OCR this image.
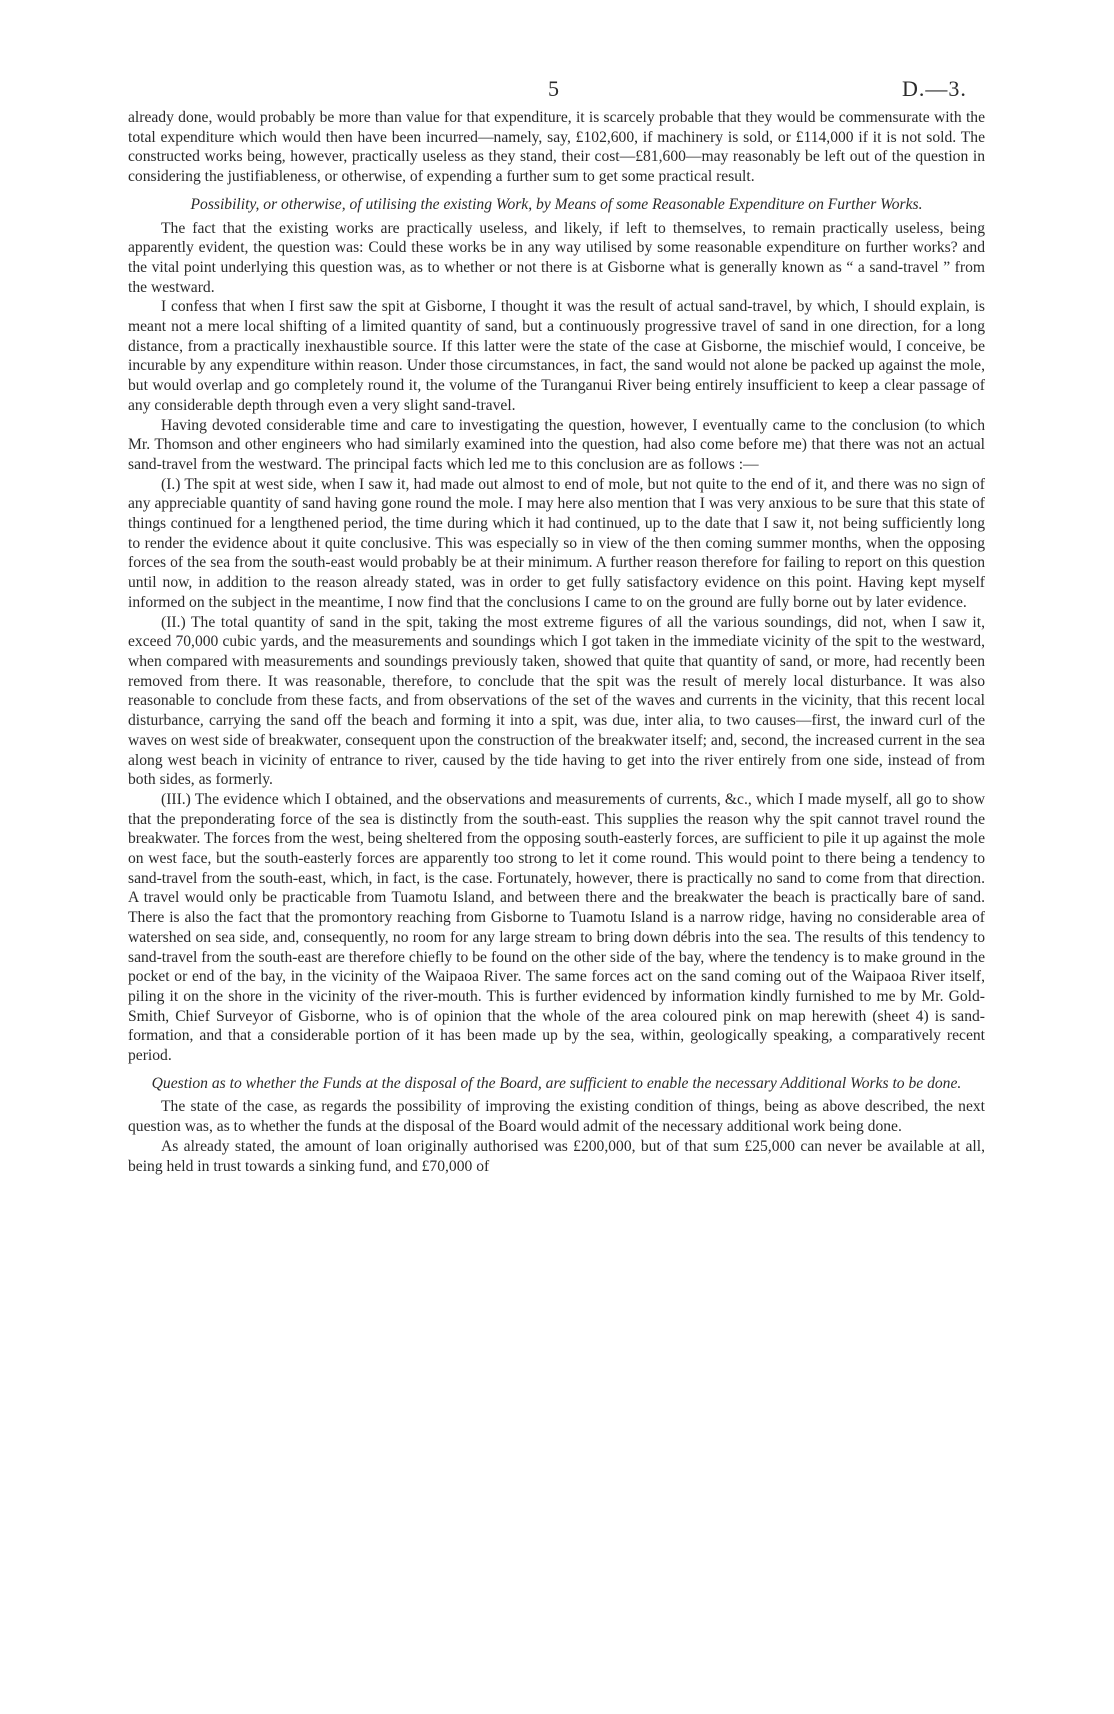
5	D.—3.

already done, would probably be more than value for that expenditure, it is scarcely probable that they would be commensurate with the total expenditure which would then have been incurred—namely, say, £102,600, if machinery is sold, or £114,000 if it is not sold. The constructed works being, however, practically useless as they stand, their cost—£81,600—may reasonably be left out of the question in considering the justifiableness, or otherwise, of expending a further sum to get some practical result.

Possibility, or otherwise, of utilising the existing Work, by Means of some Reasonable Expenditure on Further Works.

The fact that the existing works are practically useless, and likely, if left to themselves, to remain practically useless, being apparently evident, the question was: Could these works be in any way utilised by some reasonable expenditure on further works? and the vital point underlying this question was, as to whether or not there is at Gisborne what is generally known as “ a sand-travel ” from the westward.

I confess that when I first saw the spit at Gisborne, I thought it was the result of actual sand-travel, by which, I should explain, is meant not a mere local shifting of a limited quantity of sand, but a continuously progressive travel of sand in one direction, for a long distance, from a practically inexhaustible source. If this latter were the state of the case at Gisborne, the mischief would, I conceive, be incurable by any expenditure within reason. Under those circumstances, in fact, the sand would not alone be packed up against the mole, but would overlap and go completely round it, the volume of the Turanganui River being entirely insufficient to keep a clear passage of any considerable depth through even a very slight sand-travel.

Having devoted considerable time and care to investigating the question, however, I eventually came to the conclusion (to which Mr. Thomson and other engineers who had similarly examined into the question, had also come before me) that there was not an actual sand-travel from the westward. The principal facts which led me to this conclusion are as follows :—

(I.) The spit at west side, when I saw it, had made out almost to end of mole, but not quite to the end of it, and there was no sign of any appreciable quantity of sand having gone round the mole. I may here also mention that I was very anxious to be sure that this state of things continued for a lengthened period, the time during which it had continued, up to the date that I saw it, not being sufficiently long to render the evidence about it quite conclusive. This was especially so in view of the then coming summer months, when the opposing forces of the sea from the south-east would probably be at their minimum. A further reason therefore for failing to report on this question until now, in addition to the reason already stated, was in order to get fully satisfactory evidence on this point. Having kept myself informed on the subject in the meantime, I now find that the conclusions I came to on the ground are fully borne out by later evidence.

(II.) The total quantity of sand in the spit, taking the most extreme figures of all the various soundings, did not, when I saw it, exceed 70,000 cubic yards, and the measurements and soundings which I got taken in the immediate vicinity of the spit to the westward, when compared with measurements and soundings previously taken, showed that quite that quantity of sand, or more, had recently been removed from there. It was reasonable, therefore, to conclude that the spit was the result of merely local disturbance. It was also reasonable to conclude from these facts, and from observations of the set of the waves and currents in the vicinity, that this recent local disturbance, carrying the sand off the beach and forming it into a spit, was due, inter alia, to two causes—first, the inward curl of the waves on west side of breakwater, consequent upon the construction of the breakwater itself; and, second, the increased current in the sea along west beach in vicinity of entrance to river, caused by the tide having to get into the river entirely from one side, instead of from both sides, as formerly.

(III.) The evidence which I obtained, and the observations and measurements of currents, &c., which I made myself, all go to show that the preponderating force of the sea is distinctly from the south-east. This supplies the reason why the spit cannot travel round the breakwater. The forces from the west, being sheltered from the opposing south-easterly forces, are sufficient to pile it up against the mole on west face, but the south-easterly forces are apparently too strong to let it come round. This would point to there being a tendency to sand-travel from the south-east, which, in fact, is the case. Fortunately, however, there is practically no sand to come from that direction. A travel would only be practicable from Tuamotu Island, and between there and the breakwater the beach is practically bare of sand. There is also the fact that the promontory reaching from Gisborne to Tuamotu Island is a narrow ridge, having no considerable area of watershed on sea side, and, consequently, no room for any large stream to bring down débris into the sea. The results of this tendency to sand-travel from the south-east are therefore chiefly to be found on the other side of the bay, where the tendency is to make ground in the pocket or end of the bay, in the vicinity of the Waipaoa River. The same forces act on the sand coming out of the Waipaoa River itself, piling it on the shore in the vicinity of the river-mouth. This is further evidenced by information kindly furnished to me by Mr. Gold-Smith, Chief Surveyor of Gisborne, who is of opinion that the whole of the area coloured pink on map herewith (sheet 4) is sand-formation, and that a considerable portion of it has been made up by the sea, within, geologically speaking, a comparatively recent period.

Question as to whether the Funds at the disposal of the Board, are sufficient to enable the necessary Additional Works to be done.

The state of the case, as regards the possibility of improving the existing condition of things, being as above described, the next question was, as to whether the funds at the disposal of the Board would admit of the necessary additional work being done.

As already stated, the amount of loan originally authorised was £200,000, but of that sum £25,000 can never be available at all, being held in trust towards a sinking fund, and £70,000 of
